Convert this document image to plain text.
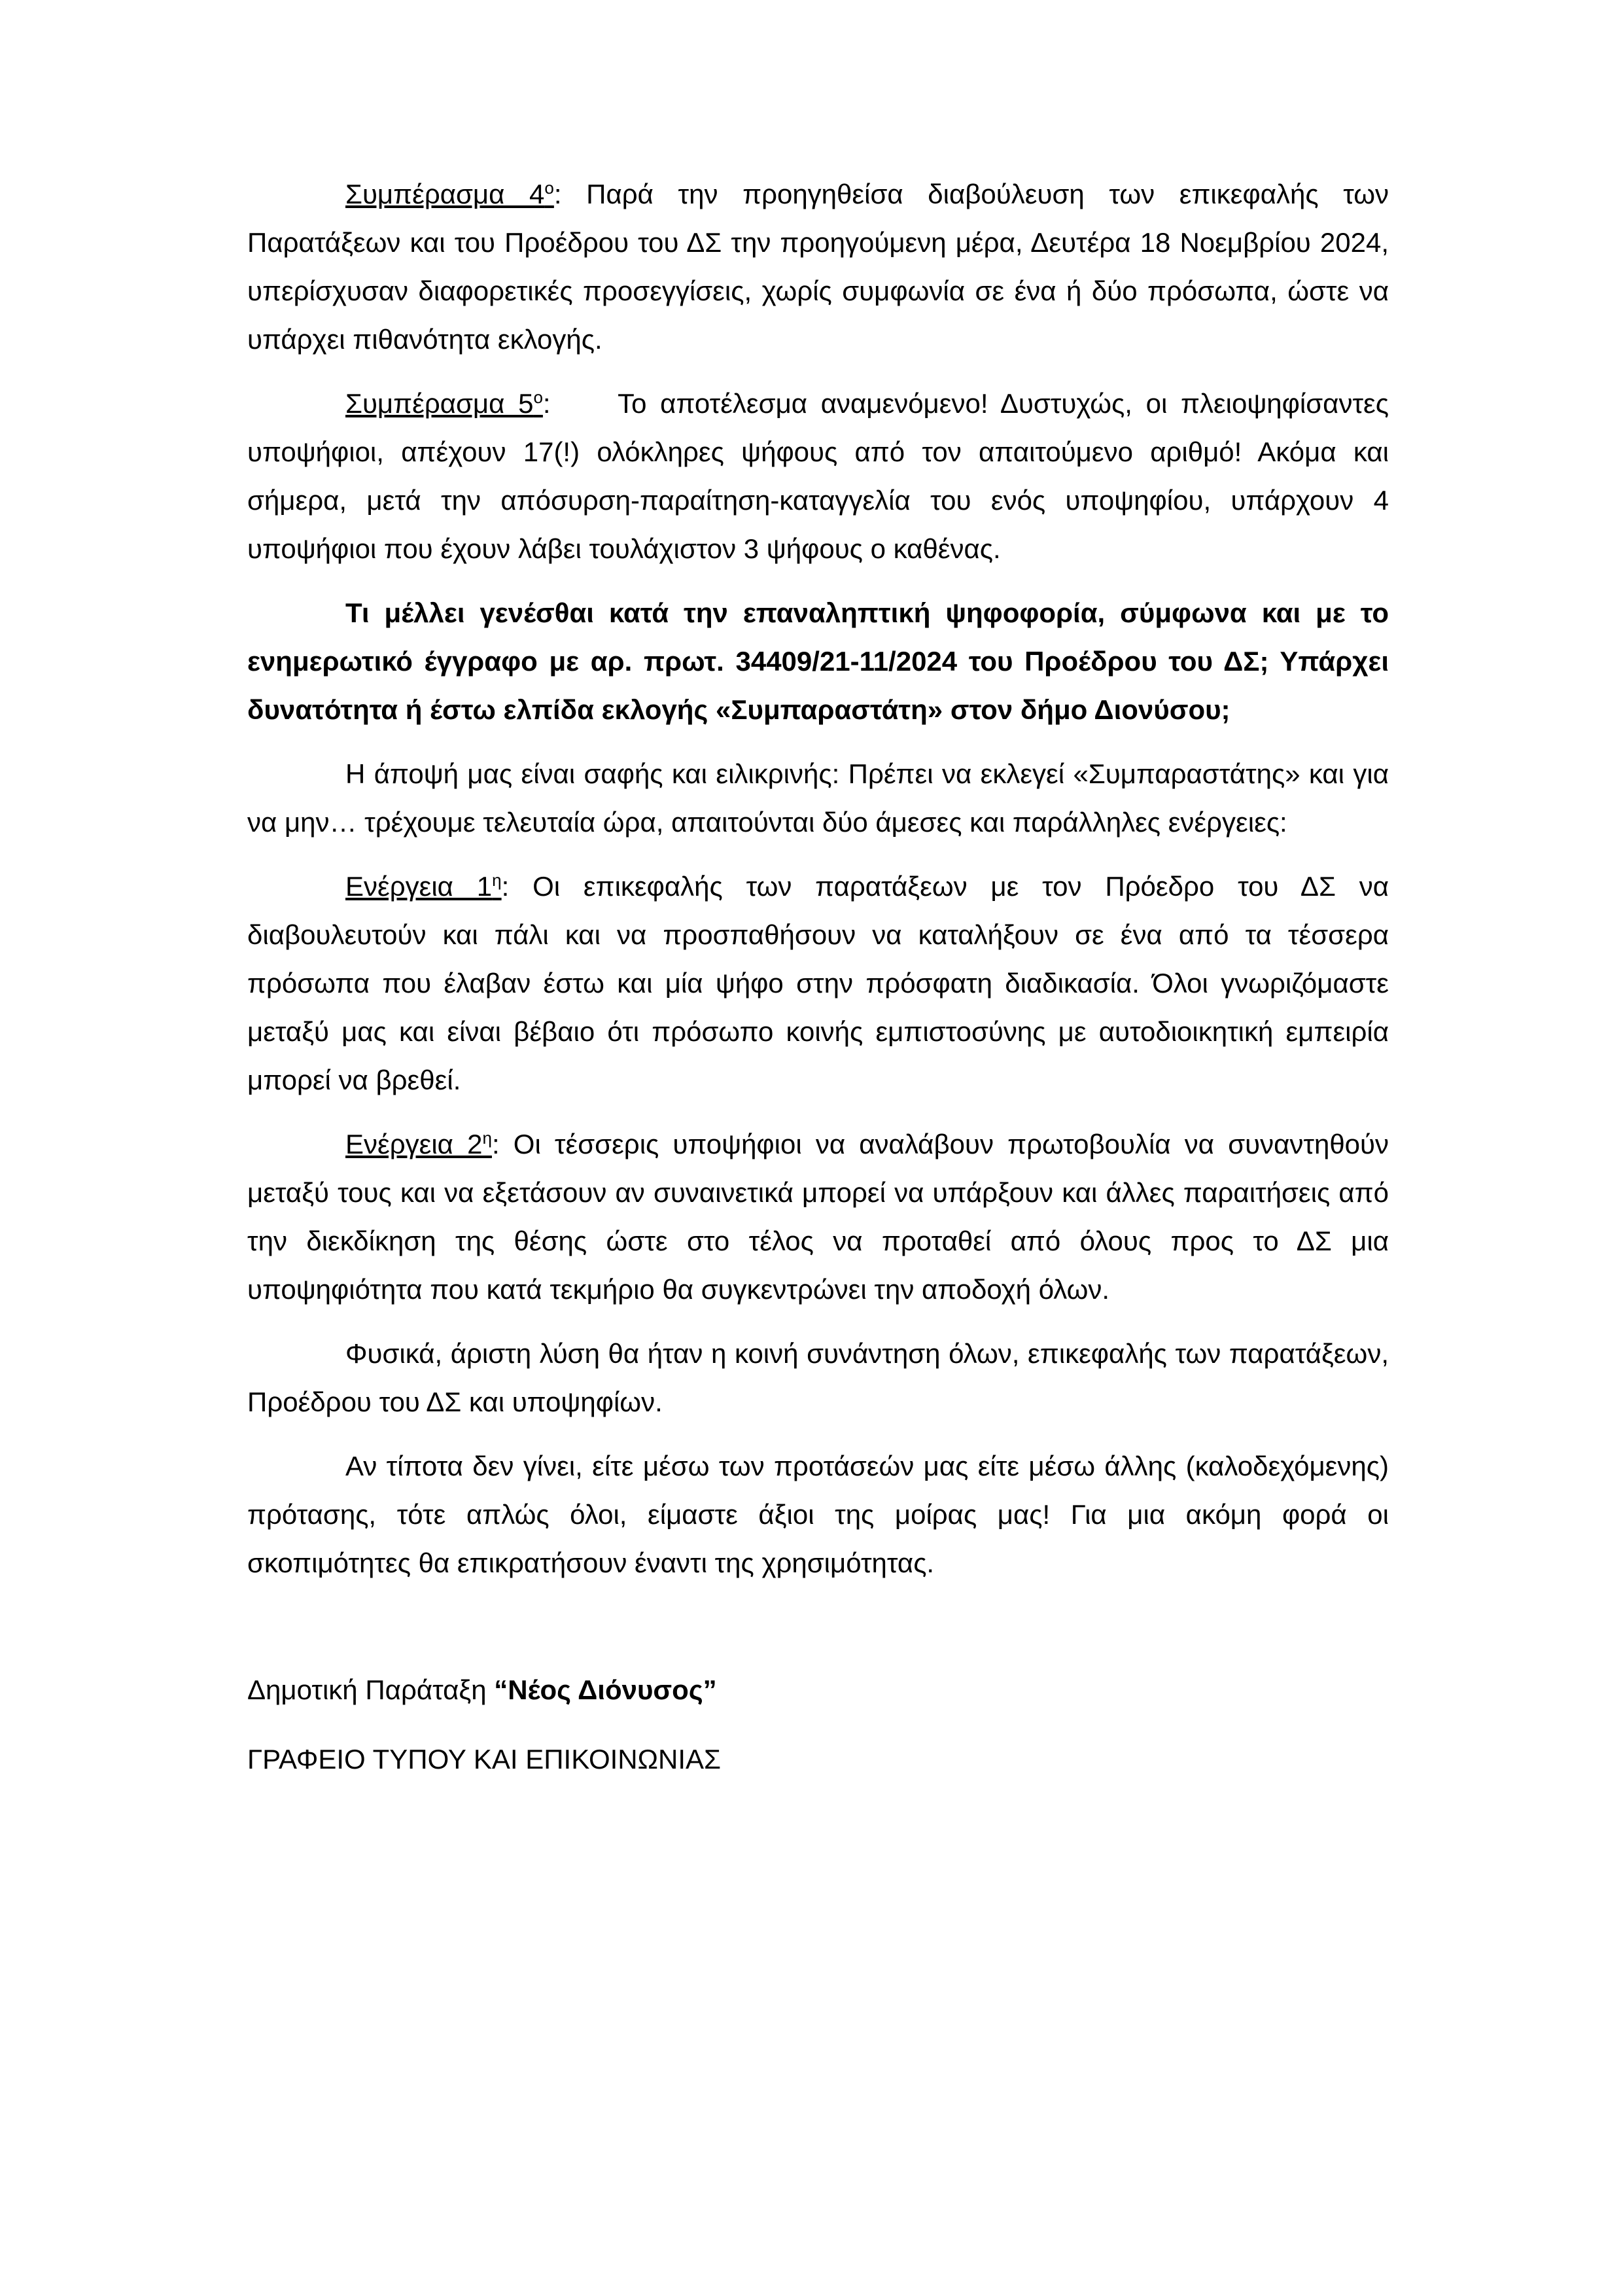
Συμπέρασμα $4^o$: Παρά την προηγηθείσα διαβούλευση των επικεφαλής των Παρατάξεων και του Προέδρου του ΔΣ την προηγούμενη μέρα, Δευτέρα 18 Νοεμβρίου 2024, υπερίσχυσαν διαφορετικές προσεγγίσεις, χωρίς συμφωνία σε ένα ή δύο πρόσωπα, ώστε να υπάρχει πιθανότητα εκλογής.

Συμπέρασμα $5^o$:     Το αποτέλεσμα αναμενόμενο! Δυστυχώς, οι πλειοψηφίσαντες υποψήφιοι, απέχουν 17(!) ολόκληρες ψήφους από τον απαιτούμενο αριθμό! Ακόμα και σήμερα, μετά την απόσυρση-παραίτηση-καταγγελία του ενός υποψηφίου, υπάρχουν 4 υποψήφιοι που έχουν λάβει τουλάχιστον 3 ψήφους ο καθένας.

Τι μέλλει γενέσθαι κατά την επαναληπτική ψηφοφορία, σύμφωνα και με το ενημερωτικό έγγραφο με αρ. πρωτ. 34409/21-11/2024 του Προέδρου του ΔΣ; Υπάρχει δυνατότητα ή έστω ελπίδα εκλογής «Συμπαραστάτη» στον δήμο Διονύσου;

Η άποψή μας είναι σαφής και ειλικρινής: Πρέπει να εκλεγεί «Συμπαραστάτης» και για να μην… τρέχουμε τελευταία ώρα, απαιτούνται δύο άμεσες και παράλληλες ενέργειες:

Ενέργεια $1^\eta$: Οι επικεφαλής των παρατάξεων με τον Πρόεδρο του ΔΣ να διαβουλευτούν και πάλι και να προσπαθήσουν να καταλήξουν σε ένα από τα τέσσερα πρόσωπα που έλαβαν έστω και μία ψήφο στην πρόσφατη διαδικασία. Όλοι γνωριζόμαστε μεταξύ μας και είναι βέβαιο ότι πρόσωπο κοινής εμπιστοσύνης με αυτοδιοικητική εμπειρία μπορεί να βρεθεί.

Ενέργεια $2^\eta$: Οι τέσσερις υποψήφιοι να αναλάβουν πρωτοβουλία να συναντηθούν μεταξύ τους και να εξετάσουν αν συναινετικά μπορεί να υπάρξουν και άλλες παραιτήσεις από την διεκδίκηση της θέσης ώστε στο τέλος να προταθεί από όλους προς το ΔΣ μια υποψηφιότητα που κατά τεκμήριο θα συγκεντρώνει την αποδοχή όλων.

Φυσικά, άριστη λύση θα ήταν η κοινή συνάντηση όλων, επικεφαλής των παρατάξεων, Προέδρου του ΔΣ και υποψηφίων.

Αν τίποτα δεν γίνει, είτε μέσω των προτάσεών μας είτε μέσω άλλης (καλοδεχόμενης) πρότασης, τότε απλώς όλοι, είμαστε άξιοι της μοίρας μας! Για μια ακόμη φορά οι σκοπιμότητες θα επικρατήσουν έναντι της χρησιμότητας.

Δημοτική Παράταξη “Νέος Διόνυσος”

ΓΡΑΦΕΙΟ ΤΥΠΟΥ ΚΑΙ ΕΠΙΚΟΙΝΩΝΙΑΣ
